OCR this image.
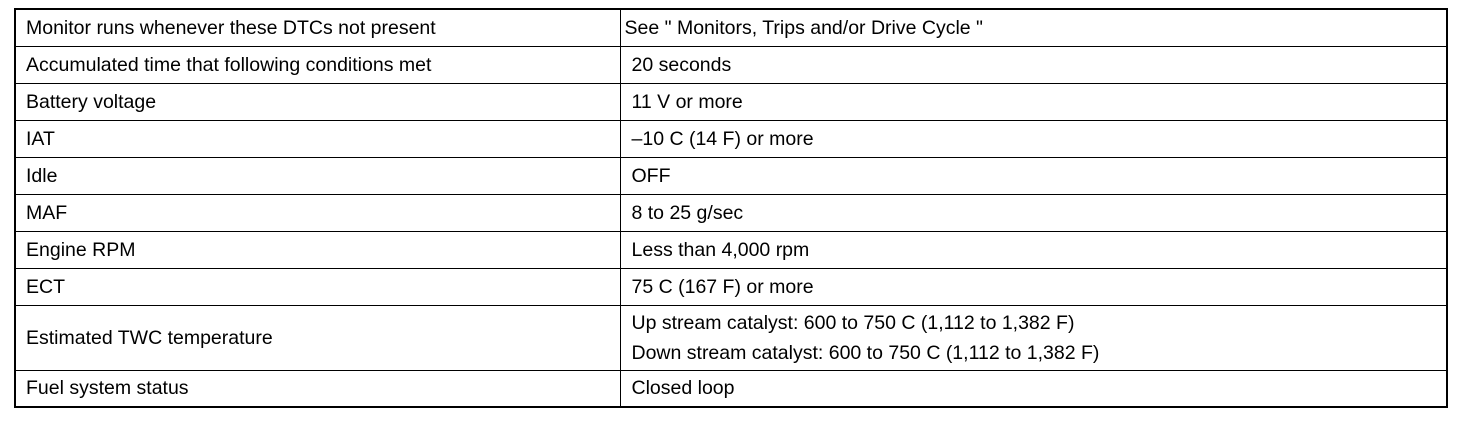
Monitor runs whenever these DTCs not present	See " Monitors, Trips and/or Drive Cycle "
Accumulated time that following conditions met	20 seconds
Battery voltage	11 V or more
IAT	–10 C (14 F) or more
Idle	OFF
MAF	8 to 25 g/sec
Engine RPM	Less than 4,000 rpm
ECT	75 C (167 F) or more
Estimated TWC temperature	Up stream catalyst: 600 to 750 C (1,112 to 1,382 F)
Down stream catalyst: 600 to 750 C (1,112 to 1,382 F)

Fuel system status	Closed loop
